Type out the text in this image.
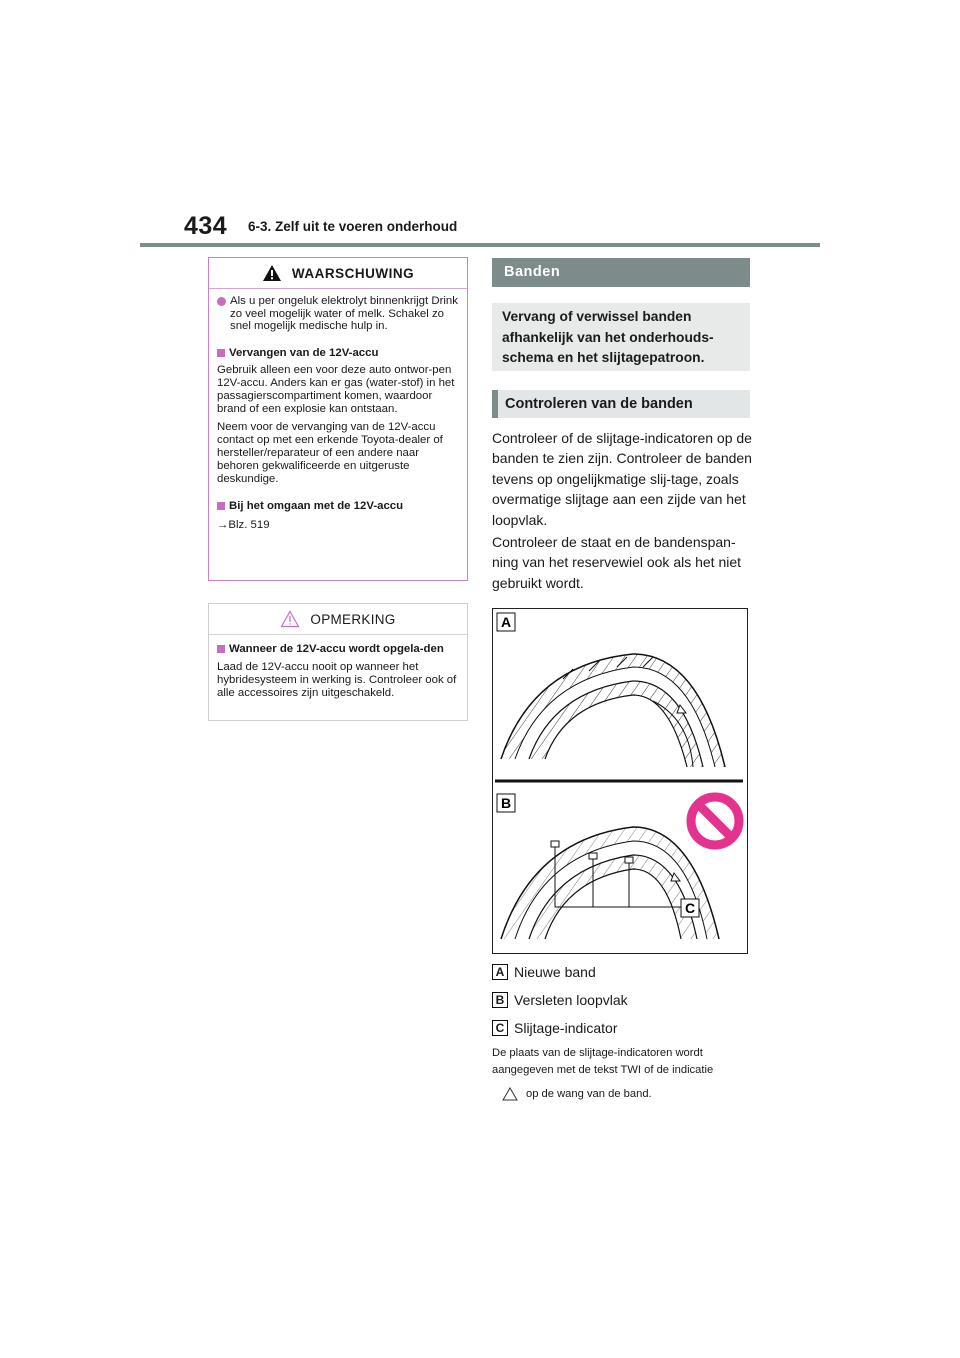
434 6-3. Zelf uit te voeren onderhoud
WAARSCHUWING
Als u per ongeluk elektrolyt binnenkrijgt Drink zo veel mogelijk water of melk. Schakel zo snel mogelijk medische hulp in.
Vervangen van de 12V-accu

Gebruik alleen een voor deze auto ontwor-pen 12V-accu. Anders kan er gas (water-stof) in het passagierscompartiment komen, waardoor brand of een explosie kan ontstaan.

Neem voor de vervanging van de 12V-accu contact op met een erkende Toyota-dealer of hersteller/reparateur of een andere naar behoren gekwalificeerde en uitgeruste deskundige.

Bij het omgaan met de 12V-accu
→Blz. 519
OPMERKING
Wanneer de 12V-accu wordt opgela-den

Laad de 12V-accu nooit op wanneer het hybridesysteem in werking is. Controleer ook of alle accessoires zijn uitgeschakeld.

Banden
Vervang of verwissel banden afhankelijk van het onderhouds-schema en het slijtagepatroon.
Controleren van de banden

Controleer of de slijtage-indicatoren op de banden te zien zijn. Controleer de banden tevens op ongelijkmatige slij-tage, zoals overmatige slijtage aan een zijde van het loopvlak.

Controleer de staat en de bandenspan-ning van het reservewiel ook als het niet gebruikt wordt.

A
B
C
A Nieuwe band
B Versleten loopvlak
C Slijtage-indicator

De plaats van de slijtage-indicatoren wordt aangegeven met de tekst TWI of de indicatie

op de wang van de band.
